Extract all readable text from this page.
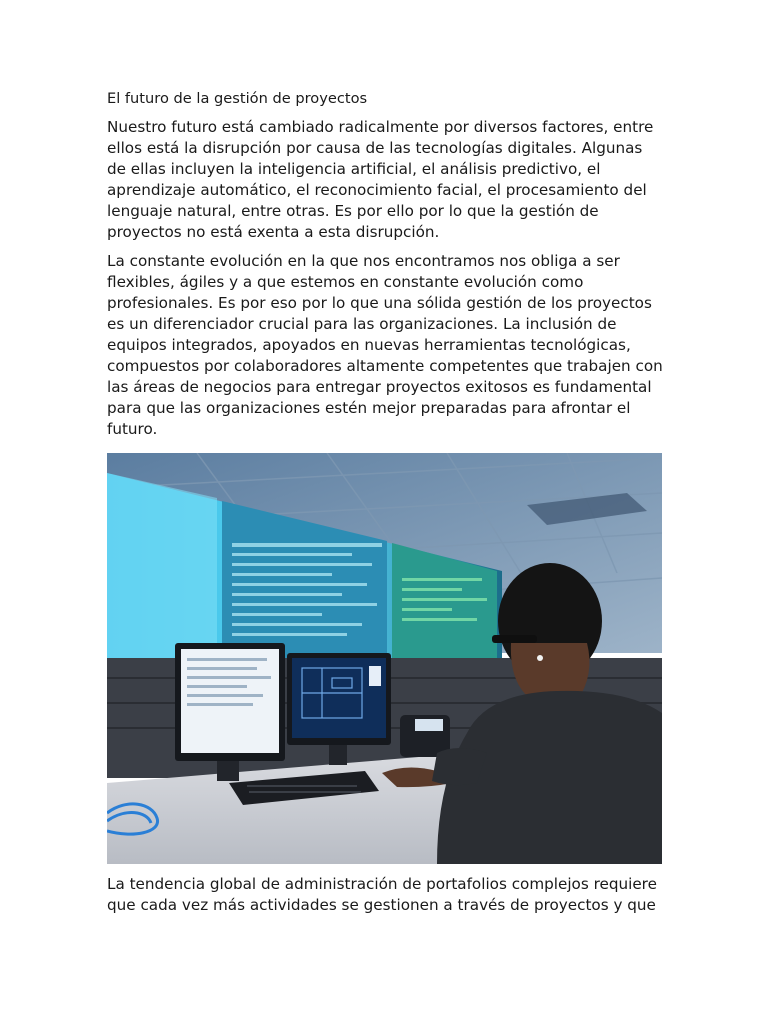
El futuro de la gestión de proyectos
Nuestro futuro está cambiado radicalmente por diversos factores, entre ellos está la disrupción por causa de las tecnologías digitales. Algunas de ellas incluyen la inteligencia artificial, el análisis predictivo, el aprendizaje automático, el reconocimiento facial, el procesamiento del lenguaje natural, entre otras. Es por ello por lo que la gestión de proyectos no está exenta a esta disrupción.
La constante evolución en la que nos encontramos nos obliga a ser flexibles, ágiles y a que estemos en constante evolución como profesionales. Es por eso por lo que una sólida gestión de los proyectos es un diferenciador crucial para las organizaciones. La inclusión de equipos integrados, apoyados en nuevas herramientas tecnológicas, compuestos por colaboradores altamente competentes que trabajen con las áreas de negocios para entregar proyectos exitosos es fundamental para que las organizaciones estén mejor preparadas para afrontar el futuro.
La tendencia global de administración de portafolios complejos requiere que cada vez más actividades se gestionen a través de proyectos y que
